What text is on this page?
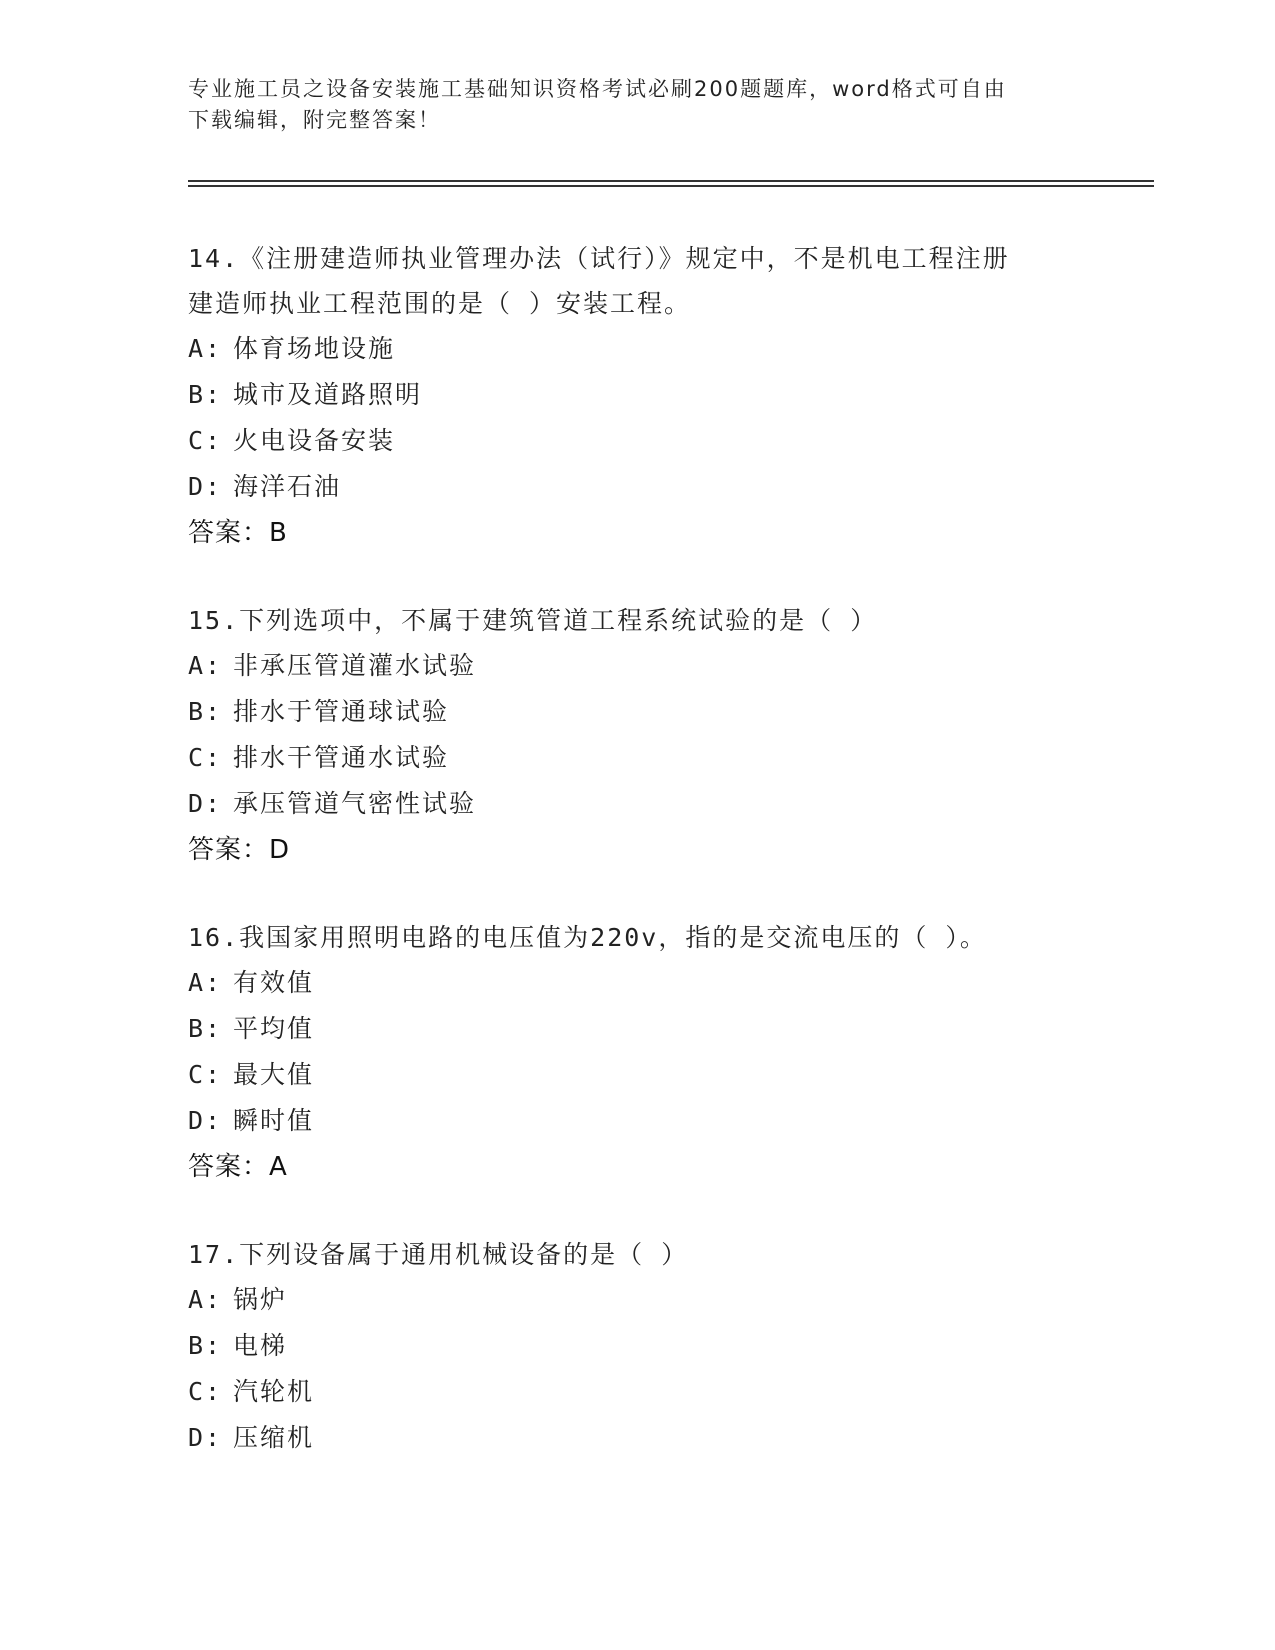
专业施工员之设备安装施工基础知识资格考试必刷200题题库，word格式可自由
下载编辑，附完整答案！
14.《注册建造师执业管理办法（试行）》规定中，不是机电工程注册
建造师执业工程范围的是（ ）安装工程。
A: 体育场地设施
B: 城市及道路照明
C: 火电设备安装
D: 海洋石油
答案：B
15.下列选项中，不属于建筑管道工程系统试验的是（ ）
A: 非承压管道灌水试验
B: 排水于管通球试验
C: 排水干管通水试验
D: 承压管道气密性试验
答案：D
16.我国家用照明电路的电压值为220v，指的是交流电压的（ ）。
A: 有效值
B: 平均值
C: 最大值
D: 瞬时值
答案：A
17.下列设备属于通用机械设备的是（ ）
A: 锅炉
B: 电梯
C: 汽轮机
D: 压缩机
